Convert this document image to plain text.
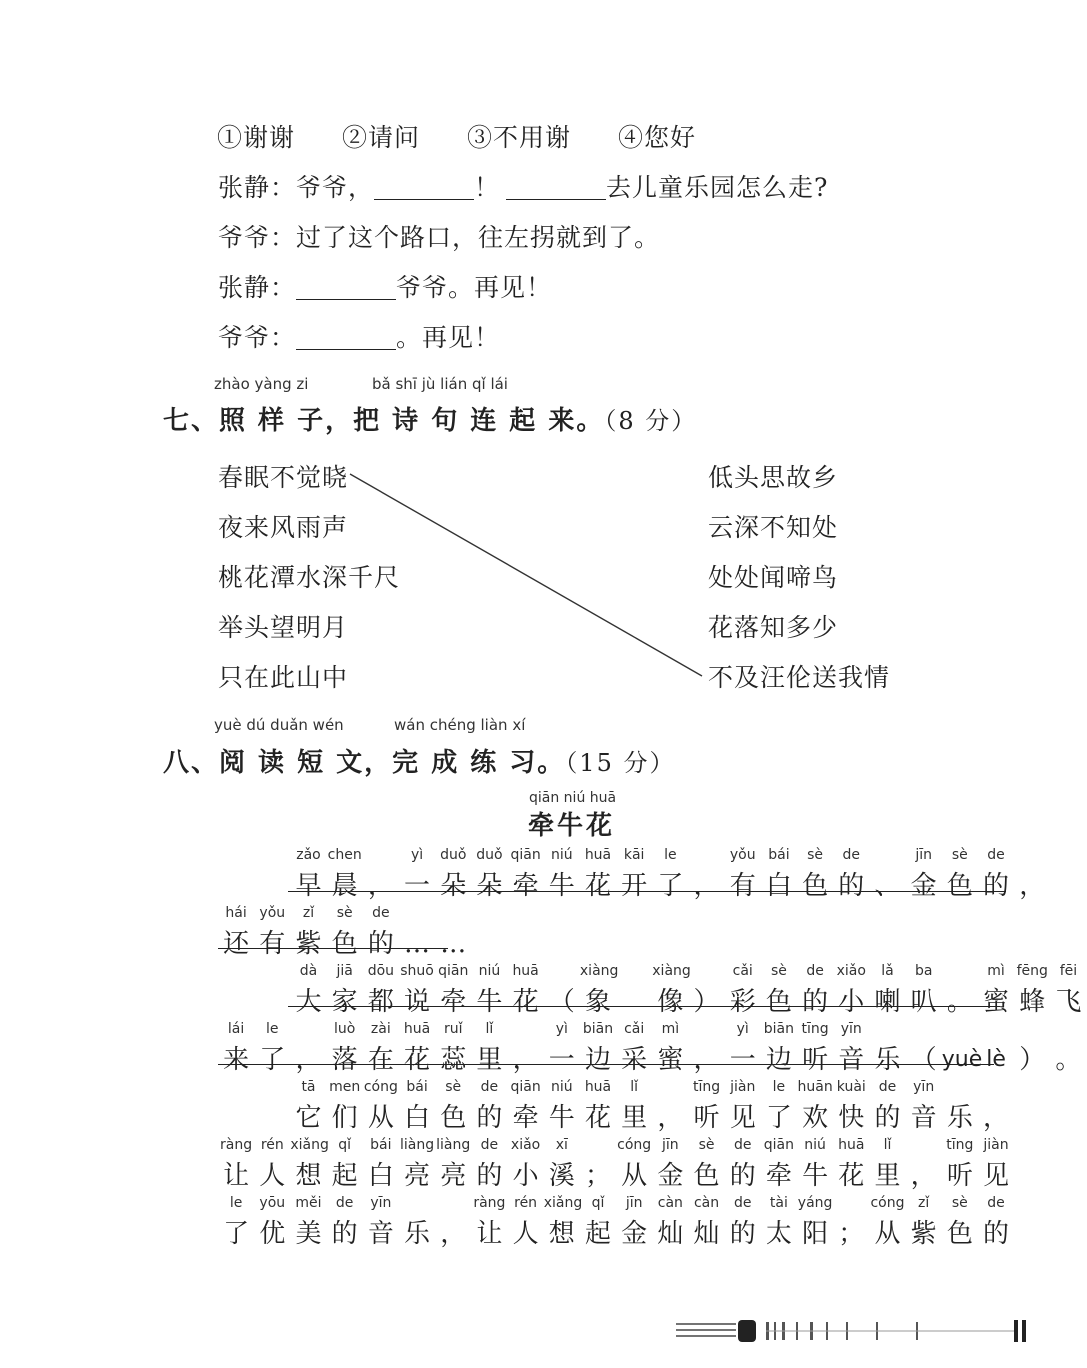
①谢谢 ②请问 ③不用谢 ④您好
张静：爷爷，	！	去儿童乐园怎么走?
爷爷：过了这个路口，往左拐就到了。
张静：	爷爷。再见！
爷爷：	。再见！
zhào yàng zi	bǎ shī jù lián qǐ lái
七、照 样 子，把 诗 句 连 起 来。（8 分）
春眠不觉晓
夜来风雨声
桃花潭水深千尺
举头望明月
只在此山中
低头思故乡
云深不知处
处处闻啼鸟
花落知多少
不及汪伦送我情
yuè dú duǎn wén	wán chéng liàn xí
八、阅 读 短 文，完 成 练 习。（15 分）
qiān niú huā
牵牛花
zǎo chen	yì	duǒ duǒ qiān niú huā kāi	le	yǒu bái	sè	de	jīn	sè	de
早 晨 ， 一 朵 朵 牵 牛 花 开 了 ， 有 白 色 的 、 金 色 的 ，
hái yǒu	zǐ	sè	de
还 有 紫 色 的 … …
dà	jiā	dōu shuō qiān niú huā	xiàng xiàng	cǎi	sè	de xiǎo	lǎ	ba	mì fēng fēi
大 家 都 说 牵 牛 花 （ 象 像 ） 彩 色 的 小 喇 叭 。 蜜 蜂 飞
lái	le	luò	zài huā ruǐ	lǐ	yì	biān cǎi	mì	yì	biān tīng yīn
来 了 ， 落 在 花 蕊 里 ， 一 边 采 蜜 ， 一 边 听 音 乐 （ yuè lè ） 。
tā men cóng bái	sè	de qiān niú huā	lǐ	tīng jiàn	le huān kuài de	yīn
它 们 从 白 色 的 牵 牛 花 里 ， 听 见 了 欢 快 的 音 乐 ，
ràng rén xiǎng qǐ	bái liàng liàng de xiǎo	xī	cóng jīn	sè	de qiān niú huā	lǐ	tīng jiàn
让 人 想 起 白 亮 亮 的 小 溪 ； 从 金 色 的 牵 牛 花 里 ， 听 见
le	yōu měi	de	yīn	ràng rén xiǎng qǐ	jīn	càn càn	de	tài yáng	cóng zǐ	sè	de
了 优 美 的 音 乐 ， 让 人 想 起 金 灿 灿 的 太 阳 ； 从 紫 色 的
